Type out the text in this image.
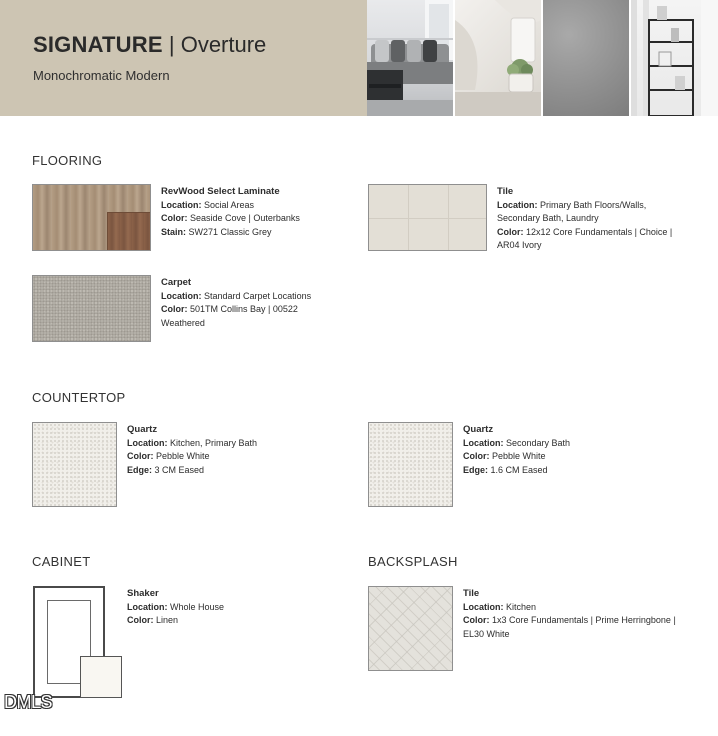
SIGNATURE | Overture
Monochromatic Modern
FLOORING
RevWood Select Laminate
Location: Social Areas
Color: Seaside Cove | Outerbanks
Stain: SW271 Classic Grey
Tile
Location: Primary Bath Floors/Walls,
Secondary Bath, Laundry
Color: 12x12 Core Fundamentals | Choice |
AR04 Ivory
Carpet
Location: Standard Carpet Locations
Color: 501TM Collins Bay | 00522
Weathered
COUNTERTOP
Quartz
Location: Kitchen, Primary Bath
Color: Pebble White
Edge: 3 CM Eased
Quartz
Location: Secondary Bath
Color: Pebble White
Edge: 1.6 CM Eased
CABINET
Shaker
Location: Whole House
Color: Linen
BACKSPLASH
Tile
Location: Kitchen
Color: 1x3 Core Fundamentals | Prime Herringbone |
EL30 White
DMLS
